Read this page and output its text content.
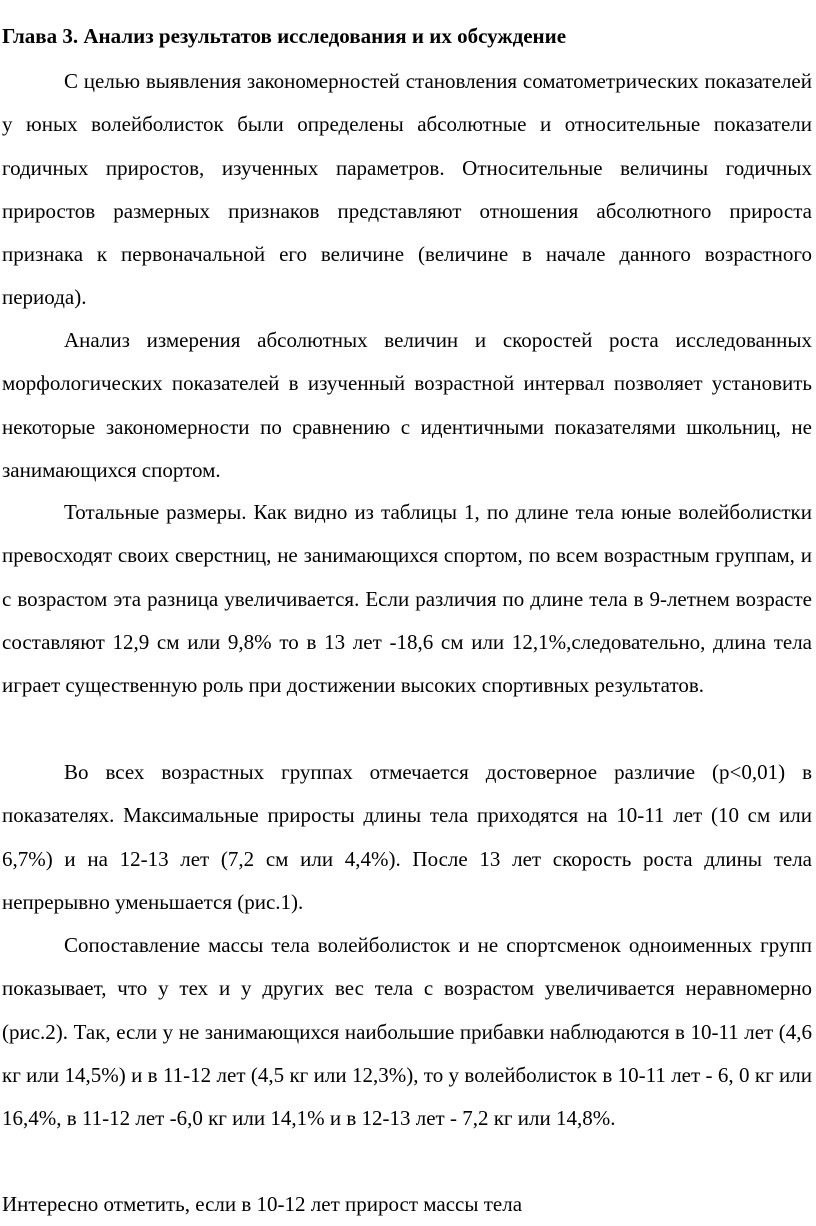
Глава 3. Анализ результатов исследования и их обсуждение

С целью выявления закономерностей становления соматометрических показателей у юных волейболисток были определены абсолютные и относительные показатели годичных приростов, изученных параметров. Относительные величины годичных приростов размерных признаков представляют отношения абсолютного прироста признака к первоначальной его величине (величине в начале данного возрастного периода).

Анализ измерения абсолютных величин и скоростей роста исследованных морфологических показателей в изученный возрастной интервал позволяет установить некоторые закономерности по сравнению с идентичными показателями школьниц, не занимающихся спортом.

Тотальные размеры. Как видно из таблицы 1, по длине тела юные волейболистки превосходят своих сверстниц, не занимающихся спортом, по всем возрастным группам, и с возрастом эта разница увеличивается. Если различия по длине тела в 9-летнем возрасте составляют 12,9 см или 9,8% то в 13 лет -18,6 см или 12,1%,следовательно, длина тела играет существенную роль при достижении высоких спортивных результатов.

Во всех возрастных группах отмечается достоверное различие (p<0,01) в показателях. Максимальные приросты длины тела приходятся на 10-11 лет (10 см или 6,7%) и на 12-13 лет (7,2 см или 4,4%). После 13 лет скорость роста длины тела непрерывно уменьшается (рис.1).

Сопоставление массы тела волейболисток и не спортсменок одноименных групп показывает, что у тех и у других вес тела с возрастом увеличивается неравномерно (рис.2). Так, если у не занимающихся наибольшие прибавки наблюдаются в 10-11 лет (4,6 кг или 14,5%) и в 11-12 лет (4,5 кг или 12,3%), то у волейболисток в 10-11 лет - 6, 0 кг или 16,4%, в 11-12 лет -6,0 кг или 14,1% и в 12-13 лет - 7,2 кг или 14,8%.

Интересно отметить, если в 10-12 лет прирост массы тела
